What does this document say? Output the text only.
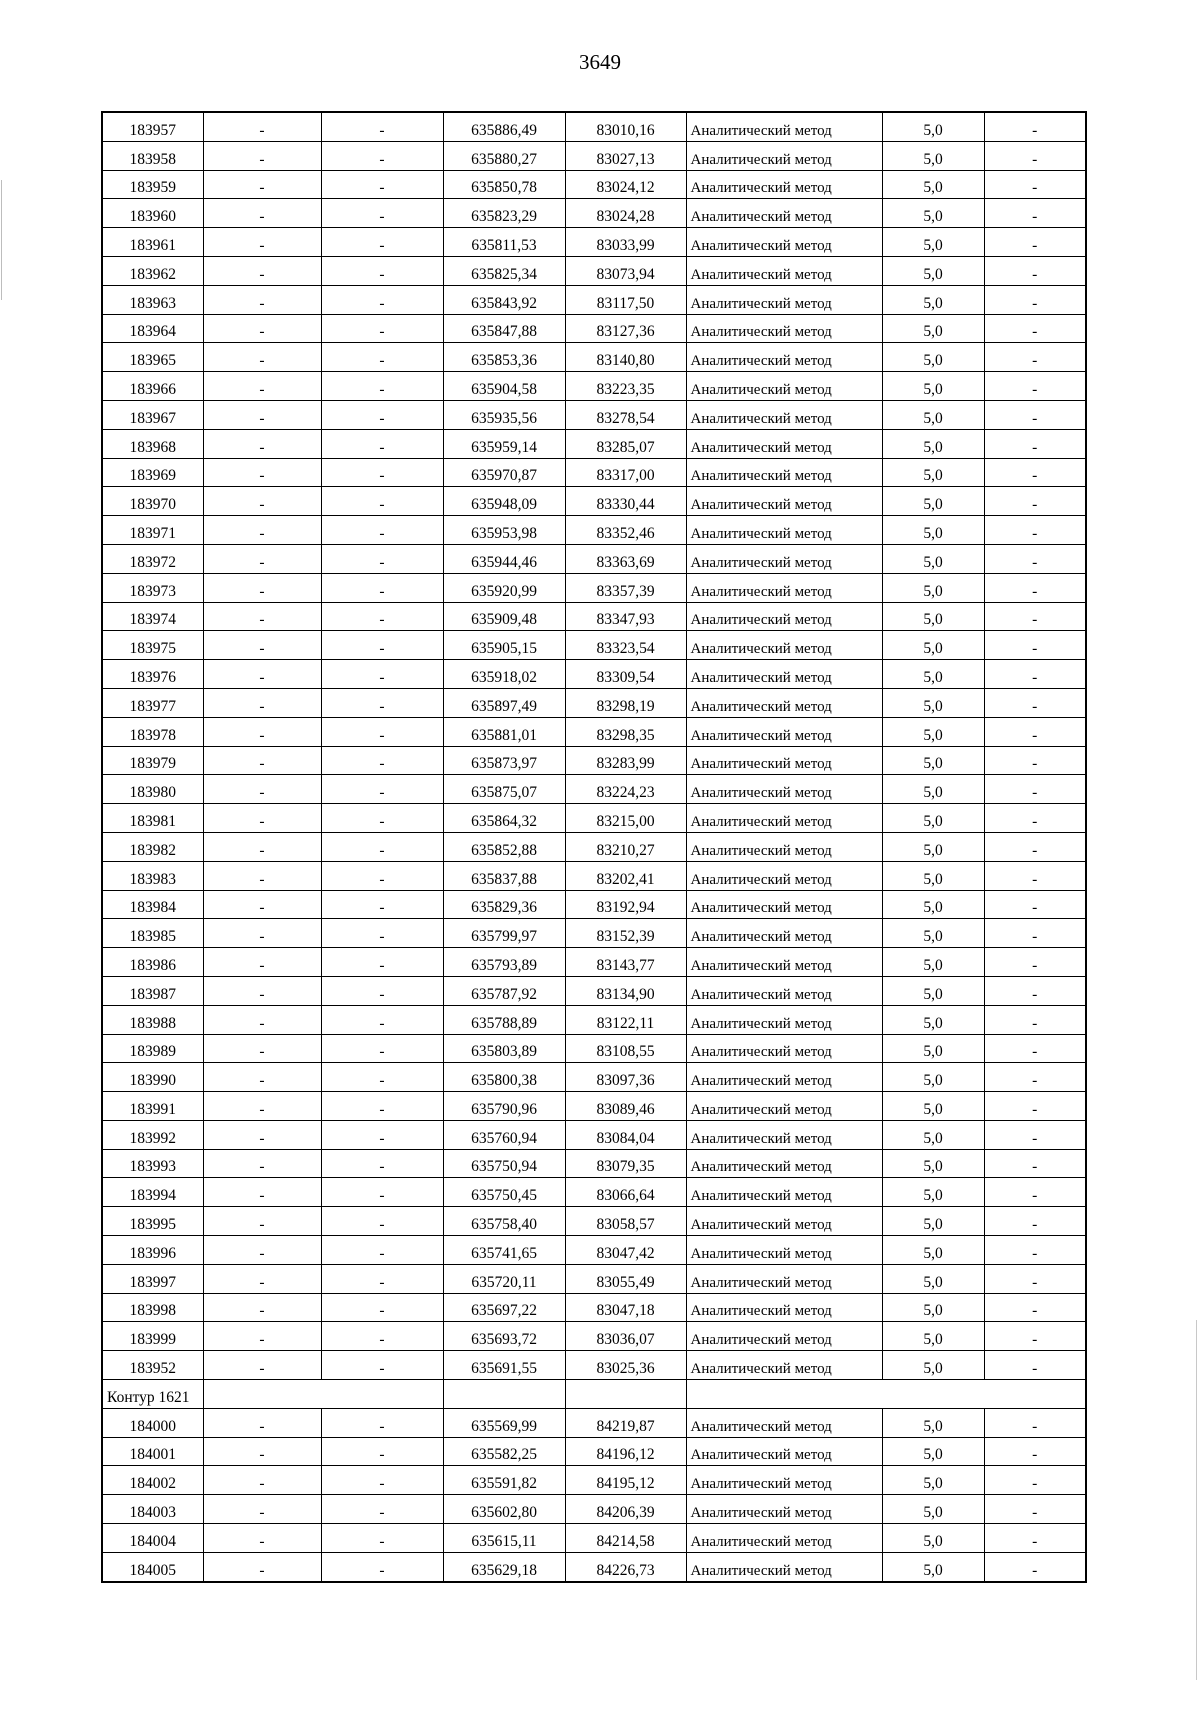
3649
183957	-	-	635886,49	83010,16	Аналитический метод	5,0	-
183958	-	-	635880,27	83027,13	Аналитический метод	5,0	-
183959	-	-	635850,78	83024,12	Аналитический метод	5,0	-
183960	-	-	635823,29	83024,28	Аналитический метод	5,0	-
183961	-	-	635811,53	83033,99	Аналитический метод	5,0	-
183962	-	-	635825,34	83073,94	Аналитический метод	5,0	-
183963	-	-	635843,92	83117,50	Аналитический метод	5,0	-
183964	-	-	635847,88	83127,36	Аналитический метод	5,0	-
183965	-	-	635853,36	83140,80	Аналитический метод	5,0	-
183966	-	-	635904,58	83223,35	Аналитический метод	5,0	-
183967	-	-	635935,56	83278,54	Аналитический метод	5,0	-
183968	-	-	635959,14	83285,07	Аналитический метод	5,0	-
183969	-	-	635970,87	83317,00	Аналитический метод	5,0	-
183970	-	-	635948,09	83330,44	Аналитический метод	5,0	-
183971	-	-	635953,98	83352,46	Аналитический метод	5,0	-
183972	-	-	635944,46	83363,69	Аналитический метод	5,0	-
183973	-	-	635920,99	83357,39	Аналитический метод	5,0	-
183974	-	-	635909,48	83347,93	Аналитический метод	5,0	-
183975	-	-	635905,15	83323,54	Аналитический метод	5,0	-
183976	-	-	635918,02	83309,54	Аналитический метод	5,0	-
183977	-	-	635897,49	83298,19	Аналитический метод	5,0	-
183978	-	-	635881,01	83298,35	Аналитический метод	5,0	-
183979	-	-	635873,97	83283,99	Аналитический метод	5,0	-
183980	-	-	635875,07	83224,23	Аналитический метод	5,0	-
183981	-	-	635864,32	83215,00	Аналитический метод	5,0	-
183982	-	-	635852,88	83210,27	Аналитический метод	5,0	-
183983	-	-	635837,88	83202,41	Аналитический метод	5,0	-
183984	-	-	635829,36	83192,94	Аналитический метод	5,0	-
183985	-	-	635799,97	83152,39	Аналитический метод	5,0	-
183986	-	-	635793,89	83143,77	Аналитический метод	5,0	-
183987	-	-	635787,92	83134,90	Аналитический метод	5,0	-
183988	-	-	635788,89	83122,11	Аналитический метод	5,0	-
183989	-	-	635803,89	83108,55	Аналитический метод	5,0	-
183990	-	-	635800,38	83097,36	Аналитический метод	5,0	-
183991	-	-	635790,96	83089,46	Аналитический метод	5,0	-
183992	-	-	635760,94	83084,04	Аналитический метод	5,0	-
183993	-	-	635750,94	83079,35	Аналитический метод	5,0	-
183994	-	-	635750,45	83066,64	Аналитический метод	5,0	-
183995	-	-	635758,40	83058,57	Аналитический метод	5,0	-
183996	-	-	635741,65	83047,42	Аналитический метод	5,0	-
183997	-	-	635720,11	83055,49	Аналитический метод	5,0	-
183998	-	-	635697,22	83047,18	Аналитический метод	5,0	-
183999	-	-	635693,72	83036,07	Аналитический метод	5,0	-
183952	-	-	635691,55	83025,36	Аналитический метод	5,0	-
Контур 1621							
184000	-	-	635569,99	84219,87	Аналитический метод	5,0	-
184001	-	-	635582,25	84196,12	Аналитический метод	5,0	-
184002	-	-	635591,82	84195,12	Аналитический метод	5,0	-
184003	-	-	635602,80	84206,39	Аналитический метод	5,0	-
184004	-	-	635615,11	84214,58	Аналитический метод	5,0	-
184005	-	-	635629,18	84226,73	Аналитический метод	5,0	-
